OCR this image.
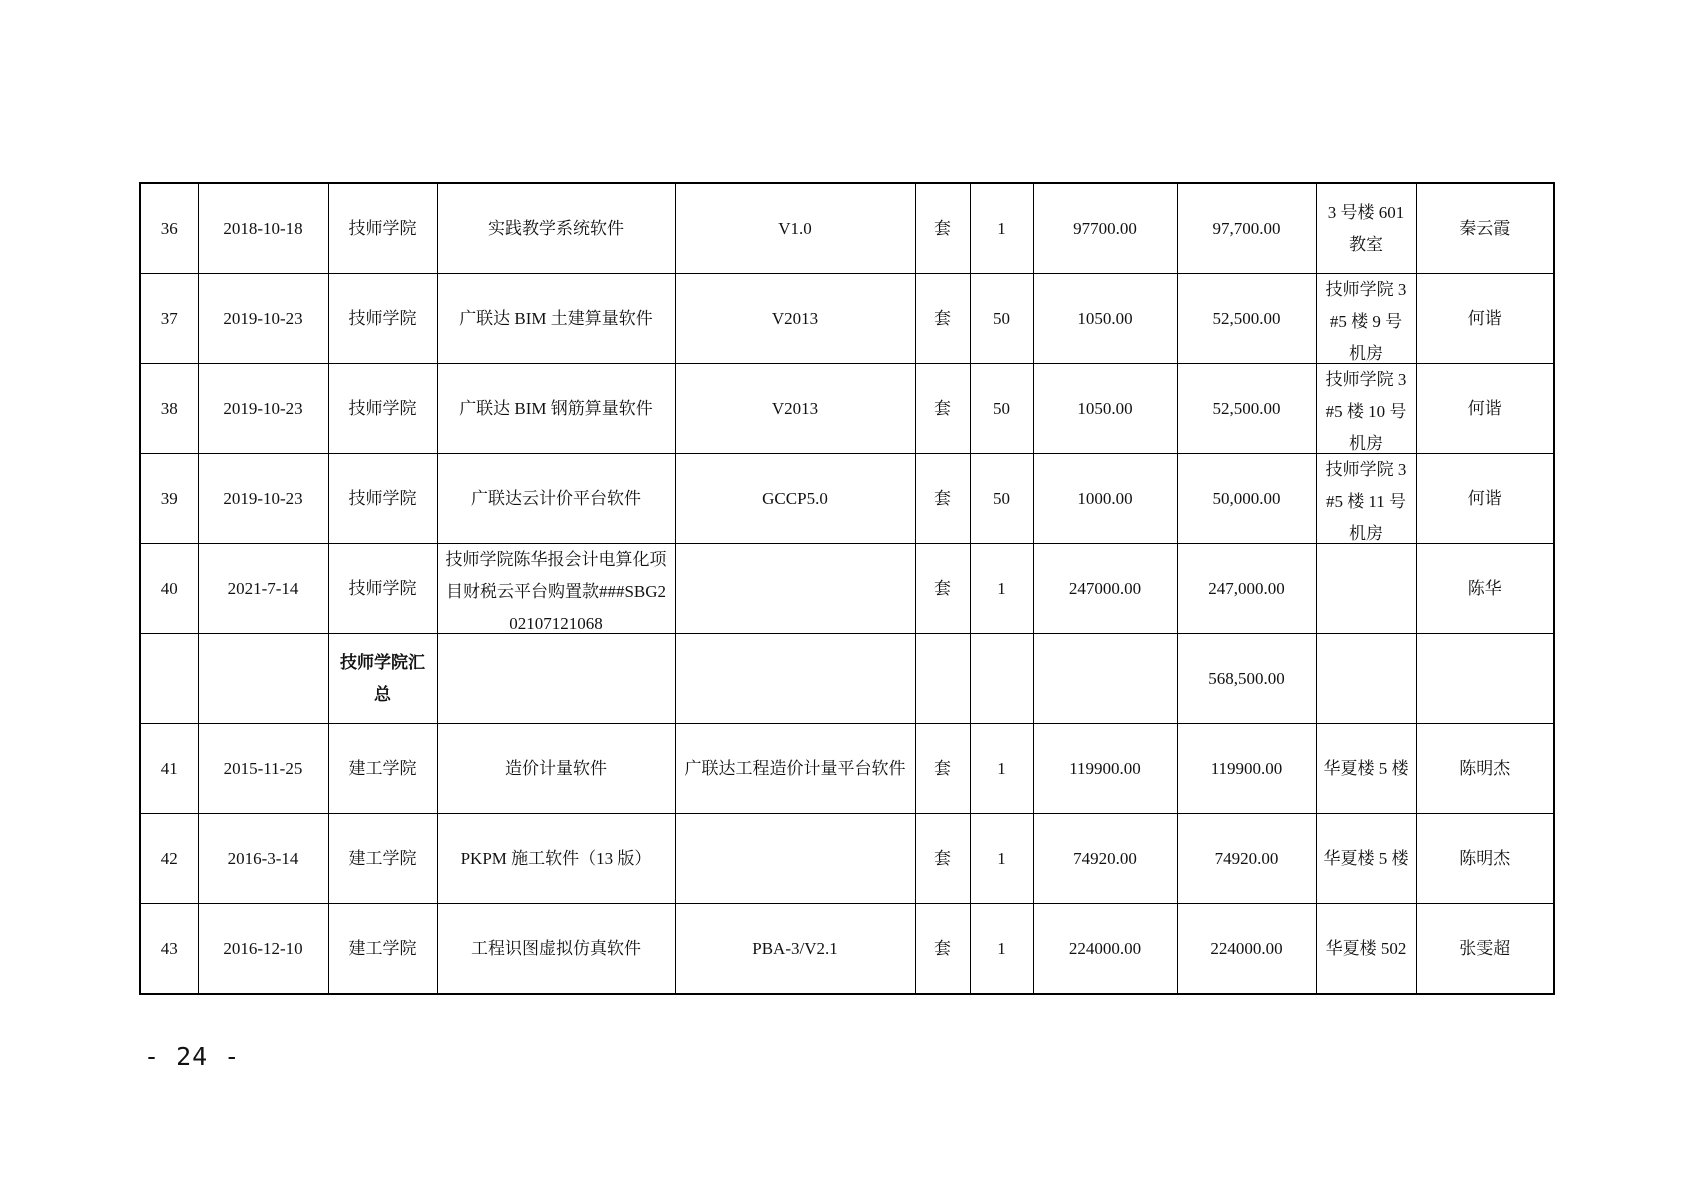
36	2018-10-18	技师学院	实践教学系统软件	V1.0	套	1	97700.00	97,700.00	3 号楼 601 教室	秦云霞
37	2019-10-23	技师学院	广联达 BIM 土建算量软件	V2013	套	50	1050.00	52,500.00	技师学院 3#5 楼 9 号机房	何谐
38	2019-10-23	技师学院	广联达 BIM 钢筋算量软件	V2013	套	50	1050.00	52,500.00	技师学院 3#5 楼 10 号机房	何谐
39	2019-10-23	技师学院	广联达云计价平台软件	GCCP5.0	套	50	1000.00	50,000.00	技师学院 3#5 楼 11 号机房	何谐
40	2021-7-14	技师学院	技师学院陈华报会计电算化项目财税云平台购置款###SBG202107121068		套	1	247000.00	247,000.00		陈华

		技师学院汇总						568,500.00		
41	2015-11-25	建工学院	造价计量软件	广联达工程造价计量平台软件	套	1	119900.00	119900.00	华夏楼 5 楼	陈明杰
42	2016-3-14	建工学院	PKPM 施工软件（13 版）		套	1	74920.00	74920.00	华夏楼 5 楼	陈明杰
43	2016-12-10	建工学院	工程识图虚拟仿真软件	PBA-3/V2.1	套	1	224000.00	224000.00	华夏楼 502	张雯超
- 24 -
